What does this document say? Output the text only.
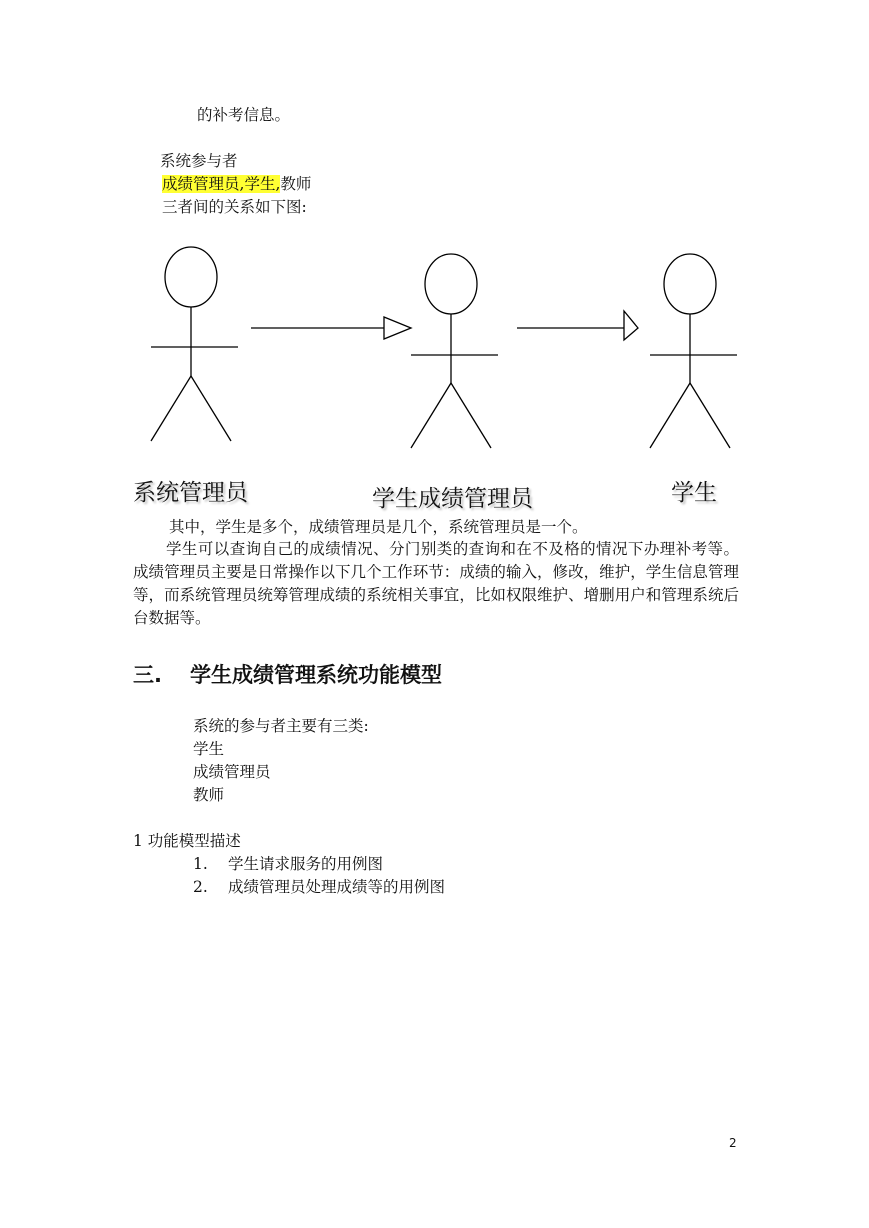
的补考信息。
系统参与者
成绩管理员,学生,教师
三者间的关系如下图:
系统管理员	学生成绩管理员	学生
其中，学生是多个，成绩管理员是几个，系统管理员是一个。
学生可以查询自己的成绩情况、分门别类的查询和在不及格的情况下办理补考等。成绩管理员主要是日常操作以下几个工作环节：成绩的输入，修改，维护，学生信息管理等，而系统管理员统筹管理成绩的系统相关事宜，比如权限维护、增删用户和管理系统后台数据等。
三. 学生成绩管理系统功能模型
系统的参与者主要有三类:
学生
成绩管理员
教师
1 功能模型描述
1. 学生请求服务的用例图
2. 成绩管理员处理成绩等的用例图
2
